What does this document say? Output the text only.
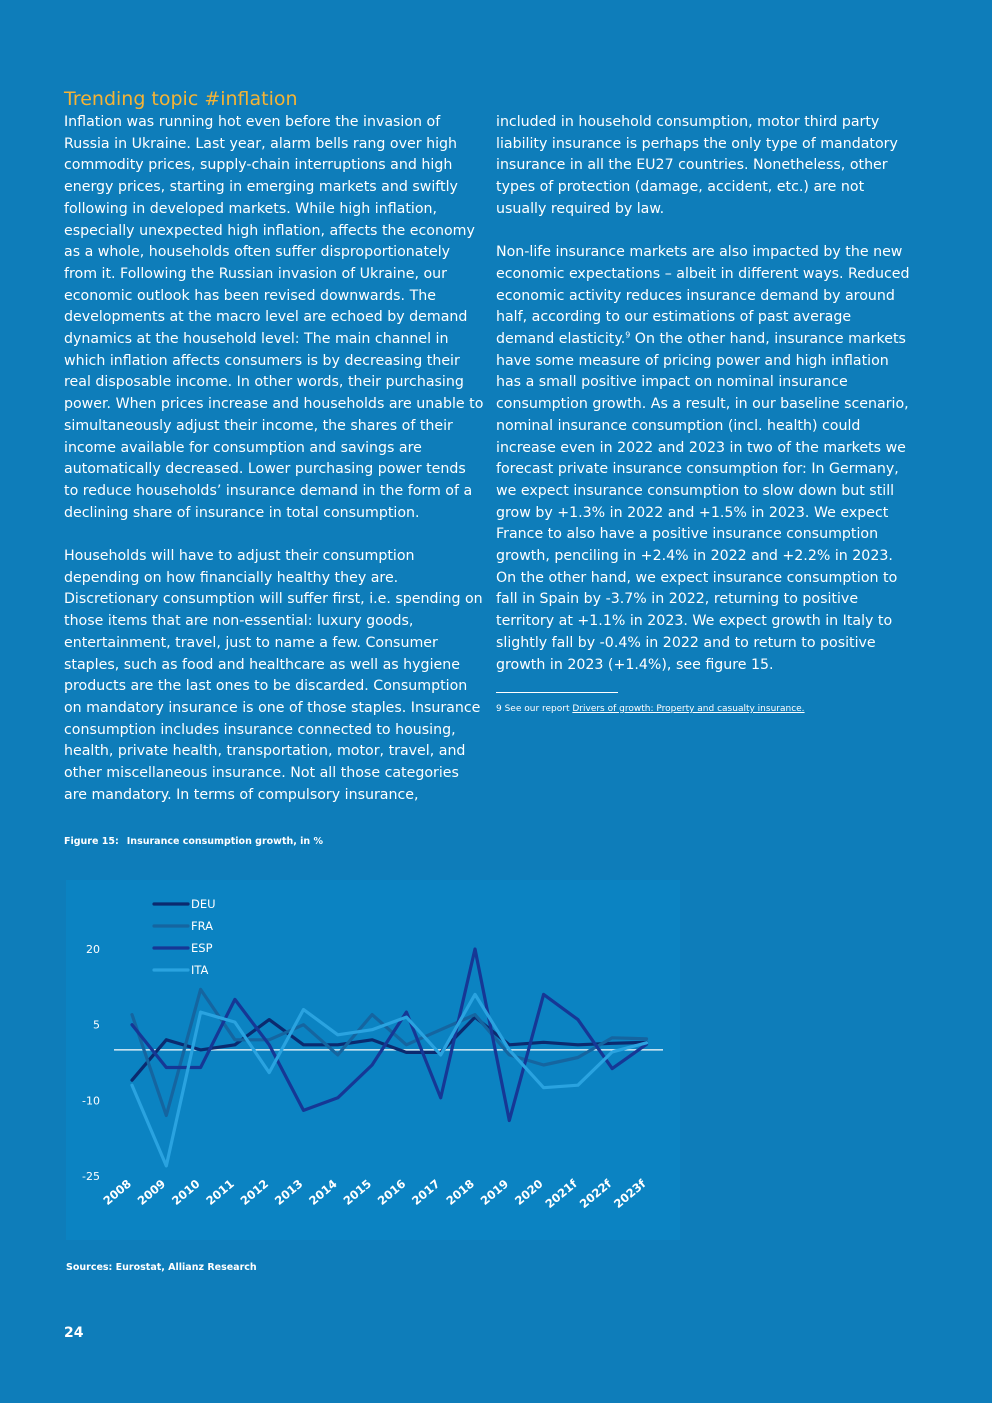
Trending topic #inflation

Inflation was running hot even before the invasion of Russia in Ukraine. Last year, alarm bells rang over high commodity prices, supply-chain interruptions and high energy prices, starting in emerging markets and swiftly following in developed markets. While high inflation, especially unexpected high inflation, affects the economy as a whole, households often suffer disproportionately from it. Following the Russian invasion of Ukraine, our economic outlook has been revised downwards. The developments at the macro level are echoed by demand dynamics at the household level: The main channel in which inflation affects consumers is by decreasing their real disposable income. In other words, their purchasing power. When prices increase and households are unable to simultaneously adjust their income, the shares of their income available for consumption and savings are automatically decreased. Lower purchasing power tends to reduce households’ insurance demand in the form of a declining share of insurance in total consumption.

Households will have to adjust their consumption depending on how financially healthy they are. Discretionary consumption will suffer first, i.e. spending on those items that are non-essential: luxury goods, entertainment, travel, just to name a few. Consumer staples, such as food and healthcare as well as hygiene products are the last ones to be discarded. Consumption on mandatory insurance is one of those staples. Insurance consumption includes insurance connected to housing, health, private health, transportation, motor, travel, and other miscellaneous insurance. Not all those categories are mandatory. In terms of compulsory insurance,

included in household consumption, motor third party liability insurance is perhaps the only type of mandatory insurance in all the EU27 countries. Nonetheless, other types of protection (damage, accident, etc.) are not usually required by law.

Non-life insurance markets are also impacted by the new economic expectations – albeit in different ways. Reduced economic activity reduces insurance demand by around half, according to our estimations of past average demand elasticity.$^9$ On the other hand, insurance markets have some measure of pricing power and high inflation has a small positive impact on nominal insurance consumption growth. As a result, in our baseline scenario, nominal insurance consumption (incl. health) could increase even in 2022 and 2023 in two of the markets we forecast private insurance consumption for: In Germany, we expect insurance consumption to slow down but still grow by +1.3% in 2022 and +1.5% in 2023. We expect France to also have a positive insurance consumption growth, penciling in +2.4% in 2022 and +2.2% in 2023. On the other hand, we expect insurance consumption to fall in Spain by -3.7% in 2022, returning to positive territory at +1.1% in 2023. We expect growth in Italy to slightly fall by -0.4% in 2022 and to return to positive growth in 2023 (+1.4%), see figure 15.

9 See our report Drivers of growth: Property and casualty insurance.
Figure 15: Insurance consumption growth, in %
20
5
-10
-25
2008 2009 2010 2011 2012 2013 2014 2015 2016 2017 2018 2019 2020
2021f
2022f
2023f
DEU
FRA
ESP
ITA
Sources: Eurostat, Allianz Research
24
